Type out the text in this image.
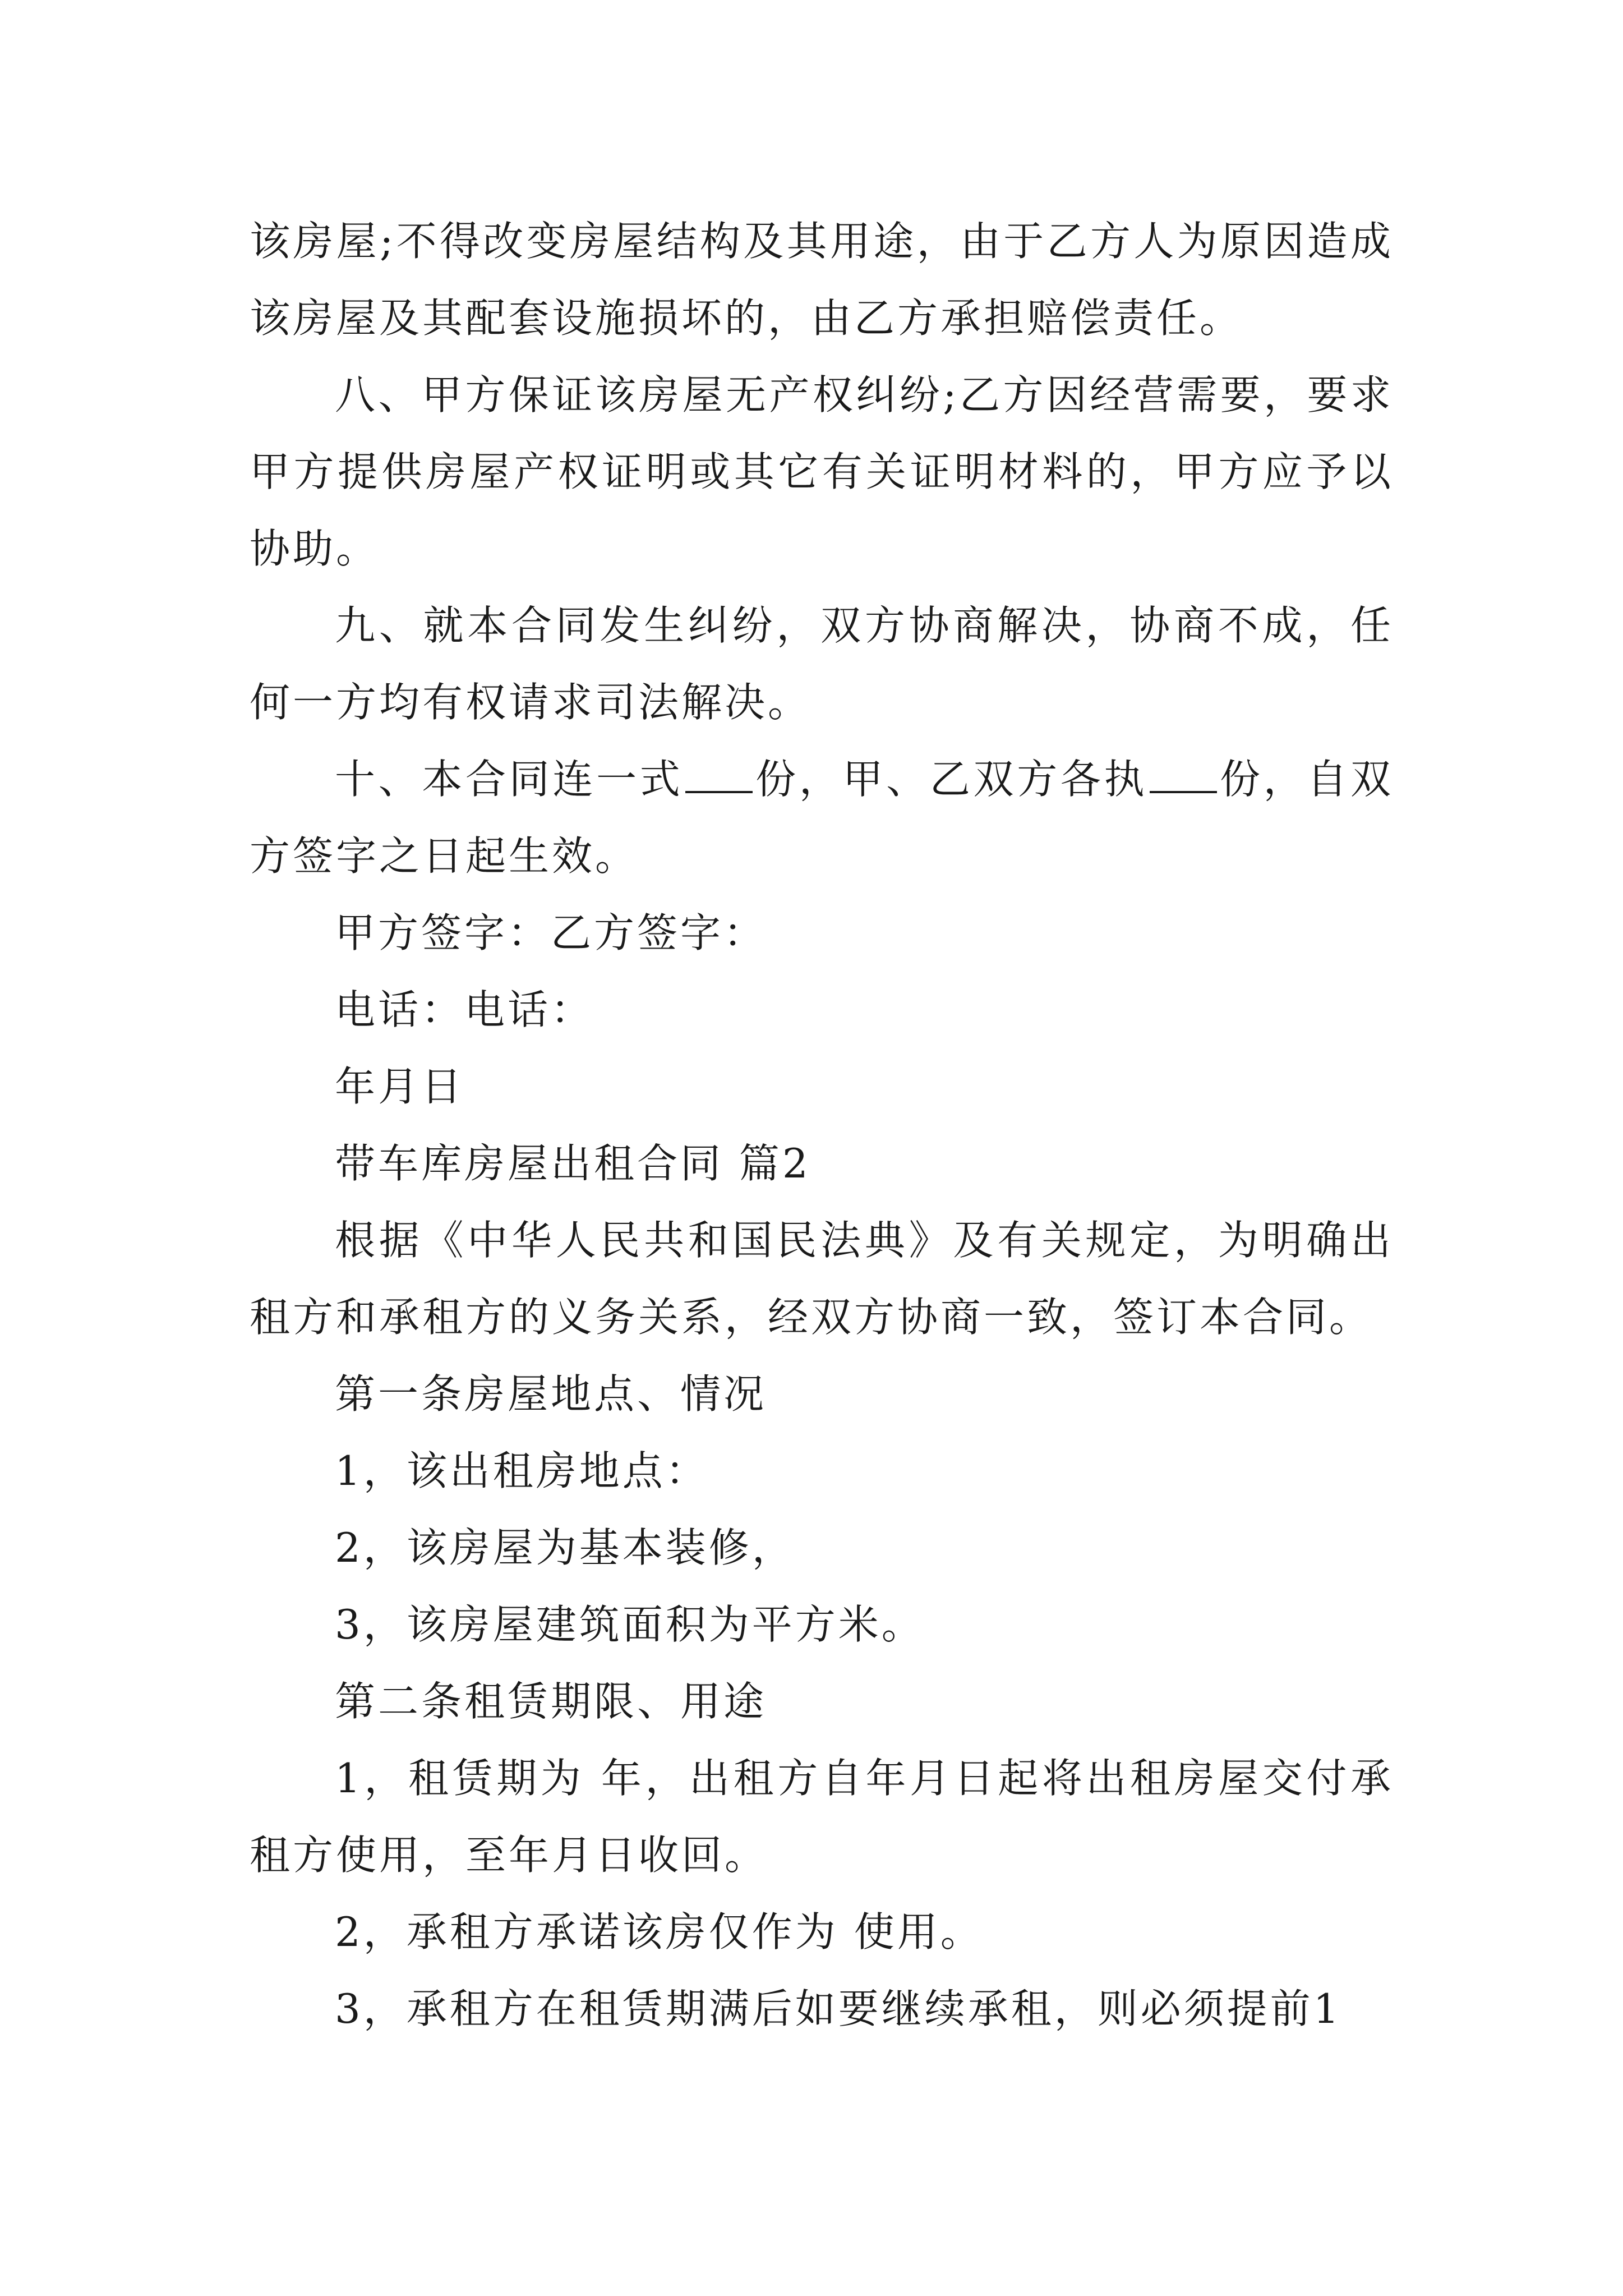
该房屋;不得改变房屋结构及其用途，由于乙方人为原因造成该房屋及其配套设施损坏的，由乙方承担赔偿责任。

八、甲方保证该房屋无产权纠纷;乙方因经营需要，要求甲方提供房屋产权证明或其它有关证明材料的，甲方应予以协助。

九、就本合同发生纠纷，双方协商解决，协商不成，任何一方均有权请求司法解决。

十、本合同连一式 份，甲、乙双方各执 份，自双方签字之日起生效。

甲方签字：乙方签字：

电话：电话：

年月日

带车库房屋出租合同 篇2

根据《中华人民共和国民法典》及有关规定，为明确出租方和承租方的义务关系，经双方协商一致，签订本合同。

第一条房屋地点、情况

1，该出租房地点：

2，该房屋为基本装修，

3，该房屋建筑面积为平方米。

第二条租赁期限、用途

1，租赁期为 年，出租方自年月日起将出租房屋交付承租方使用，至年月日收回。

2，承租方承诺该房仅作为 使用。

3，承租方在租赁期满后如要继续承租，则必须提前1
